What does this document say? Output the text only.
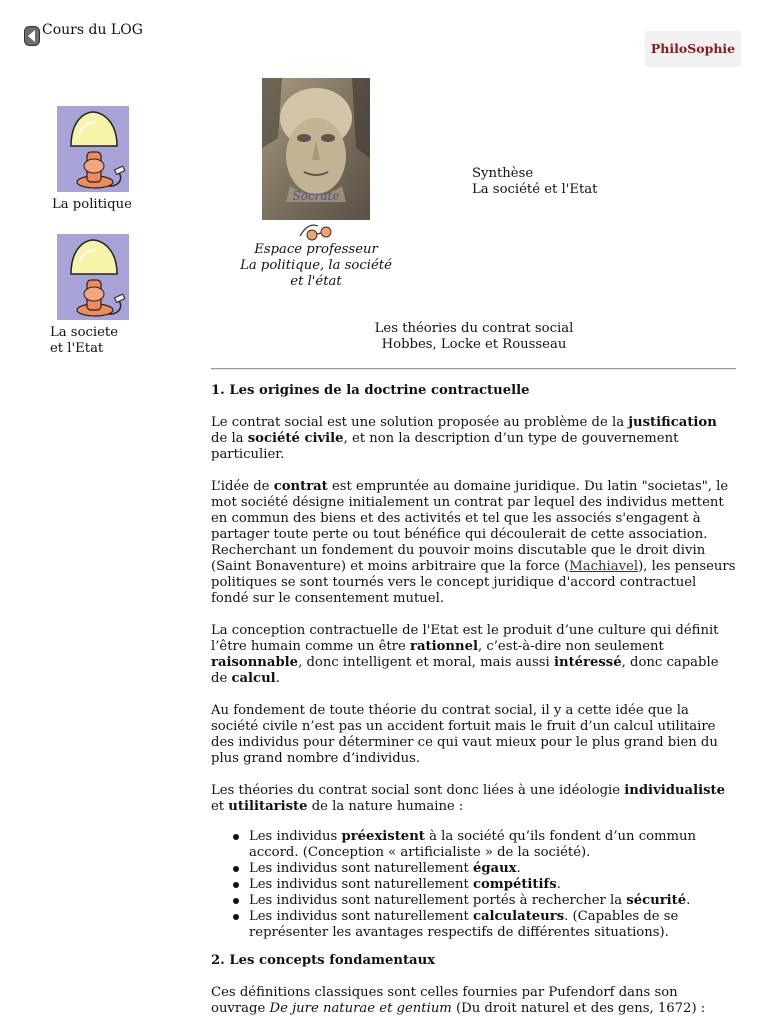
Cours du LOG
PhiloSophie
La politique
La societe
et l'Etat
Socrate
Espace professeur
La politique, la société
et l'état
Synthèse
La société et l'Etat
Les théories du contrat social
Hobbes, Locke et Rousseau
1. Les origines de la doctrine contractuelle

Le contrat social est une solution proposée au problème de la justification de la société civile, et non la description d’un type de gouvernement particulier.

L’idée de contrat est empruntée au domaine juridique. Du latin "societas", le mot société désigne initialement un contrat par lequel des individus mettent en commun des biens et des activités et tel que les associés s'engagent à partager toute perte ou tout bénéfice qui découlerait de cette association. Recherchant un fondement du pouvoir moins discutable que le droit divin (Saint Bonaventure) et moins arbitraire que la force (Machiavel), les penseurs politiques se sont tournés vers le concept juridique d'accord contractuel fondé sur le consentement mutuel.

La conception contractuelle de l'Etat est le produit d’une culture qui définit l’être humain comme un être rationnel, c’est-à-dire non seulement raisonnable, donc intelligent et moral, mais aussi intéressé, donc capable de calcul.

Au fondement de toute théorie du contrat social, il y a cette idée que la société civile n’est pas un accident fortuit mais le fruit d’un calcul utilitaire des individus pour déterminer ce qui vaut mieux pour le plus grand bien du plus grand nombre d’individus.

Les théories du contrat social sont donc liées à une idéologie individualiste et utilitariste de la nature humaine :

Les individus préexistent à la société qu’ils fondent d’un commun accord. (Conception « artificialiste » de la société).
Les individus sont naturellement égaux.
Les individus sont naturellement compétitifs.
Les individus sont naturellement portés à rechercher la sécurité.
Les individus sont naturellement calculateurs. (Capables de se représenter les avantages respectifs de différentes situations).
2. Les concepts fondamentaux

Ces définitions classiques sont celles fournies par Pufendorf dans son ouvrage De jure naturae et gentium (Du droit naturel et des gens, 1672) :
